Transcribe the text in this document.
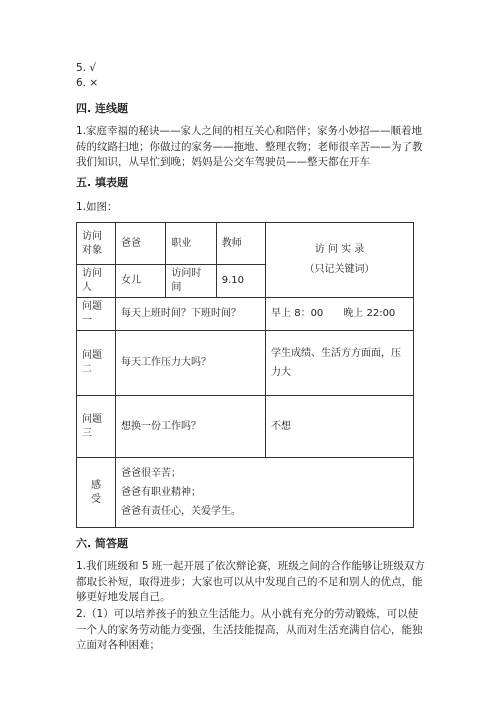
5. √
6. ×
四. 连线题
1.家庭幸福的秘诀——家人之间的相互关心和陪伴；家务小妙招——顺着地砖的纹路扫地；你做过的家务——拖地、整理衣物；老师很辛苦——为了教我们知识，从早忙到晚；妈妈是公交车驾驶员——整天都在开车
五. 填表题
1.如图：
访问对象	爸爸	职业	教师	访 问 实 录
（只记关键词）

访问人	女儿	访问时间	9.10	
问题一	每天上班时间？下班时间？			早上 8：00　　晚上 22:00
问题二	每天工作压力大吗？			学生成绩、生活方方面面，压力大
问题三	想换一份工作吗？			不想
感　受	爸爸很辛苦；
爸爸有职业精神；
爸爸有责任心，关爱学生。			
六. 简答题
1.我们班级和 5 班一起开展了依次辩论赛，班级之间的合作能够让班级双方都取长补短，取得进步；大家也可以从中发现自己的不足和别人的优点，能够更好地发展自己。
2.（1）可以培养孩子的独立生活能力。从小就有充分的劳动锻炼，可以使一个人的家务劳动能力变强，生活技能提高，从而对生活充满自信心，能独立面对各种困难；
